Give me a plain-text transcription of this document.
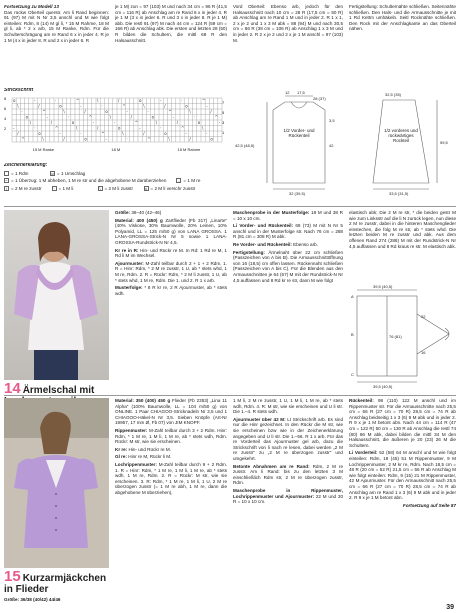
Fortsetzung zu Modell 13

Das rückw Oberteil querstr. Am li Rand beginnen: 91 (97) M mit N Nr 3,5 anschl und M wie folgt einteilen: Rdm, 8 (14) M gl li, * 15 M Rahme, 18 M gl li, ab * 2 x arb, 15 M Ranke, Rdm. Für die Schulterschrägung am re Rand 6 x in jeder 4. R je 1 M (4 x in jeder 8. R und 2 x in jeder 6. R

je 1 M) zun = 97 (103) M und nach 34 cm = 96 R (41,5 cm = 116 R) ab Anschlag am re Rand 6 x in jeder 4. R je 1 M (3 x in jeder 6. R und 3 x in jeder 8. R je 1 M) abb. Die restl 91 (97) M nach 44 cm = 124 R (59 cm = 166 R) ab Anschlag abk. Die ersten und letzten 28 (50) R bilden die Schultern, die mittl 68 R den Halsausschnitt.

Vord Oberteil: Ebenso arb, jedoch für den Halsausschnitt nach 10 cm = 28 R (17,5 cm = 50 R) ab Anschlag am re Rand 1 M und in jeder 2. R 1 x 1, 2 x je 2 und 1 x 3 M abk = 88 (94) M und nach 30,5 cm = 86 R (38 cm = 106 R) ab Anschlag 1 x 3 M und in jeder 2. R 2 x je 2 und 2 x je 1 M anschl = 97 (103) M.

Fertigstellung: Schulternähte schließen. Seitennähte schließen. Den Hals- und die Armausschnitte je mit 1 Rd Kettm umhäkeln. Seitl Rocknähte schließen. Den Rock mit der Anschlagkante an das Oberteil nähen.

Strickschrift
o	-	·	^	\	/	o	-	·	^
\	/	o	-	·	^	\	/	o	-
·	^	\	/	o	-	·	^	\	/
o	-	·	^	\	/	o	-	·	^
\	/	o	-	·	^	\	/	o	-
-	·	^	\	/	o	-	·	^	\
/	o	-	·	^	\	/	o	-	·
^	\	/	o	-	·	^	\	/	o
8
6
4
2
7
5
3
1
15 M Ranke	18 M	15 M Rahme
Zeichenerklärung:
= 1 Rdm	o = 1 Umschlag
^ = 1 Überzug: 1 M abheben, 1 M re str und die abgehobene M darüberziehen	- = 1 M re
/ = 2 M re zusstr	· = 1 M li	\ = 2 M li zusstr	x = 2 M li verschr zusstr
12 17,5
28 (37)
32,5 (35)
42,5 (48,5)
3,5
42
1/2 Vorder- und Rückenteil
1/2 vorderes und rückwärtiges Rockteil
32 (39,5)	33,5 (31,5)
59,5
14 Ärmelschal mit

Größe: 36–40 (42–46)

Material: 400 (450) g Zartflieder (Fb 317) „Linarte" (40% Viskose, 30% Baumwolle, 20% Leinen, 10% Polyamid, LL = 125 m/50 g) von LANA GROSSA. 1 LANA-GROSSA-Strick-N Nr 5 sowie 1 LANA-GROSSA-Rundstrick-N Nr 4,5.

Kr re in R: Hin- und Rückr re M. In Rd: 1 Rd re M, 1 Rd li M im Wechsel.

Ajourmuster: M-Zahl teilbar durch 2 + 1 + 2 Rdm. 1. R = Hinr: Rdm, * 2 M re zusstr, 1 U, ab * stets whd, 1 M re, Rdm. 2. R = Rückr: Rdm, * 2 M li zusstr, 1 U, ab * stets whd, 1 M re, Rdm. Die 1. und 2. R 1 x arb.

Musterfolge: * 8 R kr re, 2 R Ajourmuster, ab * stets wdh.

Maschenprobe in der Musterfolge: 18 M und 38 R = 10 x 10 cm.

Li Vorder- und Rückenteil: 69 (73) M mit N Nr 5 anschl und in der Musterfolge str. Nach 76 cm = 288 R (81 cm = 308 R) M abk.

Re Vorder- und Rückenteil: Ebenso arb.

Fertigstellung: Ärmelnaht über 22 cm schließen (Passzeichen von A bis B). Die Armausschnittöffnung von 16 (18,5) cm offen lassen. Rückennaht schließen (Passzeichen von A bis C). Für die Blenden aus den Armausschnitten je 64 (67) M mit der Rundstrick-N Nr 4,5 auffassen und 8 Rd kr re str, dann M wie folgt

elastisch abk: Die 2 M re str, * die beiden gestr M wie zum Linksstr auf die li N zurück legen, nun diese 2 M re zusstr, dabei in die hinteren Maschenglieder einstechen, die folg M re str, ab * stets whd. Die letzten beiden M re zusstr und abk. Aus dem offenen Rand 274 (288) M mit der Rundstrick-N Nr 4,5 auffassen und 8 Rd kraus re str. M elastisch abk.

A
B
C
39,5 (40,5)
76 (81)
39,5 (40,5)
22
16
15 Kurzarmjäckchen in Flieder
Größe: 36/38 (40/42) 44/46

Material: 350 (400) 450 g Flieder (Fb 2353) „Lina 11 Alpha" (100% Baumwolle, LL = 104 m/50 g) von ONLINE. 1 Paar CHIAGOO-Stricknadeln Nr 3,5 und 1 CHIAGOO-Häkel-N Nr 3,5. Sieben Knöpfe (Art-Nr 19957, 17 mm Ø, Fb 07) von JIM KNOPF.

Rippenmuster: M-Zahl teilbar durch 3 + 2 Rdm. Hinr: Rdm, * 1 M re, 1 M li, 1 M re, ab * stets wdh, Rdm. Rückr: M str, wie sie erscheinen.

Kr re: Hin- und Rückr re M.

Gl re: Hinr re M, Rückr li M.

Lochrippenmuster: M-Zahl teilbar durch 9 + 2 Rdm. 1. R = Hinr: Rdm, * 1 M re, 1 M li, 1 M re, ab * stets wdh, 1 M re, Rdm. 2. R = Rückr: M str, wie sie erscheinen. 3. R: Rdm, * 1 M re, 1 M li, 1 U, 2 M re überzogen zusstr (= 1 M re abh, 1 M re, dann die abgehobene M überziehen),

1 M li, 2 M re zusstr, 1 U, 1 M li, 1 M re, ab * stets wdh, Rdm. 4. R: M str, wie sie erscheinen und U li str. Die 1.–4. R stets wdh.

Ajourmuster über 42 M: Lt Strickschrift arb. Es sind nur die Hinr gezeichnet. In den Rückr die M str, wie sie erscheinen bzw wie in der Zeichenerklärung angegeben und U li str. Die 1.–56. R 1 x arb. Für das re Vorderteil das Ajourmuster gel arb, dazu die Strickschrift von li nach re lesen, dabei werden „2 M re zusstr" zu „2 M re überzogen zusstr" und umgekehrt.

Betonte Abnahmen am re Rand: Rdm, 2 M re zusstr. Am li Rand: bis zu den letzten 3 M einschließlich Rdm str, 2 M re überzogen zusstr, Rdm.

Maschenprobe in Rippenmuster, Lochrippenmuster und Ajourmuster: 22 M und 30 R = 10 x 10 cm.

Rückenteil: 98 (110) 122 M anschl und im Rippenmuster str. Für die Armausschnitte nach 25,5 cm = 66 R (27 cm = 70 R) 28,5 cm = 74 R ab Anschlag beidseitig 1 x 3 (6) 9 M abk und in jeder 2. R 9 x je 1 M betont abn. Nach 44 cm = 114 R (47 cm = 122 R) 50 cm = 130 R ab Anschlag die restl 74 (80) 86 M abk, dabei bilden die mittl 34 M den Halsausschnitt, die äußeren je 20 (23) 26 M die Schultern.

Li Vorderteil: 52 (58) 64 M anschl und M wie folgt einteilen: Rdm, 19 (45) 51 M Rippenmuster, 9 M Lochrippenmuster, 2 M kr re, Rdm. Nach 18,5 cm = 48 R (20 cm = 52 R) 21,5 cm = 56 R ab Anschlag M wie folgt einteilen: Rdm, 9 (15) 21 M Rippenmuster, 42 M Ajourmuster. Für den Armausschnitt nach 25,5 cm = 66 R (27 cm = 70 R) 28,5 cm = 74 R ab Anschlag am re Rand 1 x 3 (6) 9 M abk und in jeder 2. R 9 x je 1 M betont abn.

Fortsetzung auf Seite 87
39
